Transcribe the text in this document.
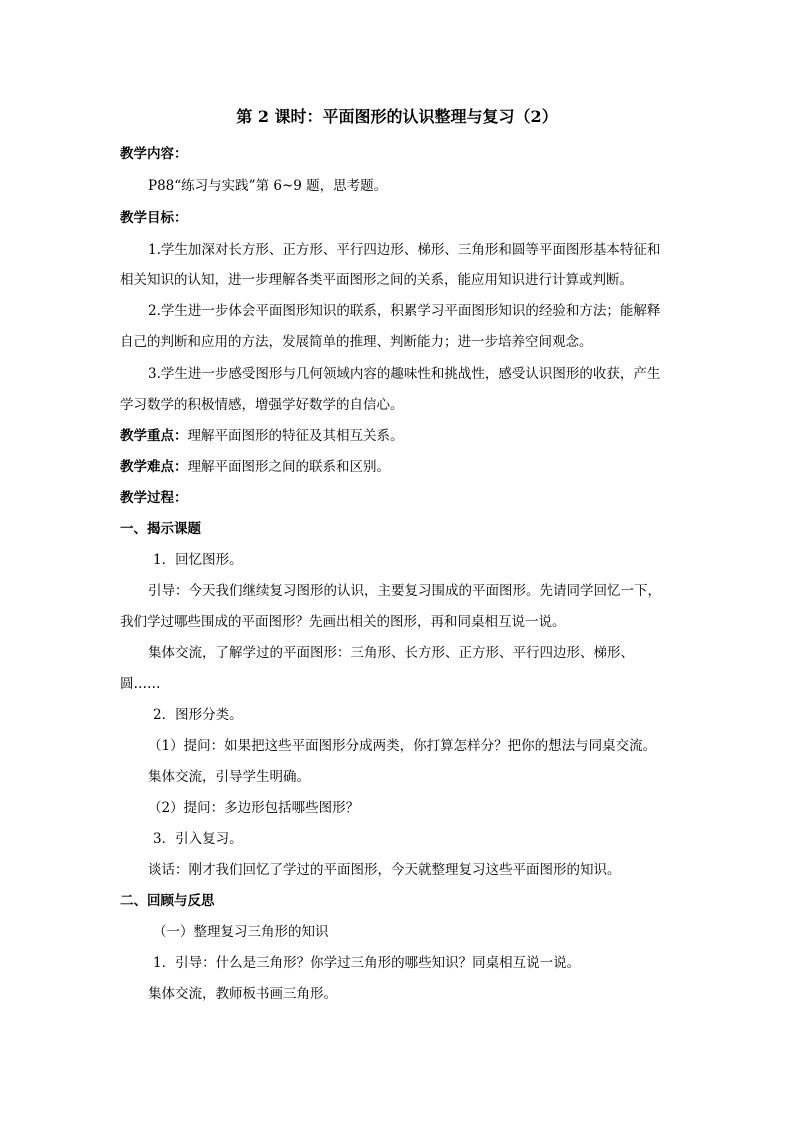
第 2 课时：平面图形的认识整理与复习（2）
教学内容：
P88“练习与实践”第 6~9 题，思考题。
教学目标：
1.学生加深对长方形、正方形、平行四边形、梯形、三角形和圆等平面图形基本特征和
相关知识的认知，进一步理解各类平面图形之间的关系，能应用知识进行计算或判断。
2.学生进一步体会平面图形知识的联系，积累学习平面图形知识的经验和方法；能解释
自己的判断和应用的方法，发展简单的推理、判断能力；进一步培养空间观念。
3.学生进一步感受图形与几何领域内容的趣味性和挑战性，感受认识图形的收获，产生
学习数学的积极情感，增强学好数学的自信心。
教学重点：理解平面图形的特征及其相互关系。
教学难点：理解平面图形之间的联系和区别。
教学过程：
一、揭示课题
1．回忆图形。
引导：今天我们继续复习图形的认识，主要复习围成的平面图形。先请同学回忆一下，
我们学过哪些围成的平面图形？先画出相关的图形，再和同桌相互说一说。
集体交流，了解学过的平面图形：三角形、长方形、正方形、平行四边形、梯形、
圆……
2．图形分类。
（1）提问：如果把这些平面图形分成两类，你打算怎样分？把你的想法与同桌交流。
集体交流，引导学生明确。
（2）提问：多边形包括哪些图形？
3．引入复习。
谈话：刚才我们回忆了学过的平面图形，今天就整理复习这些平面图形的知识。
二、回顾与反思
（一）整理复习三角形的知识
1．引导：什么是三角形？你学过三角形的哪些知识？同桌相互说一说。
集体交流，教师板书画三角形。
